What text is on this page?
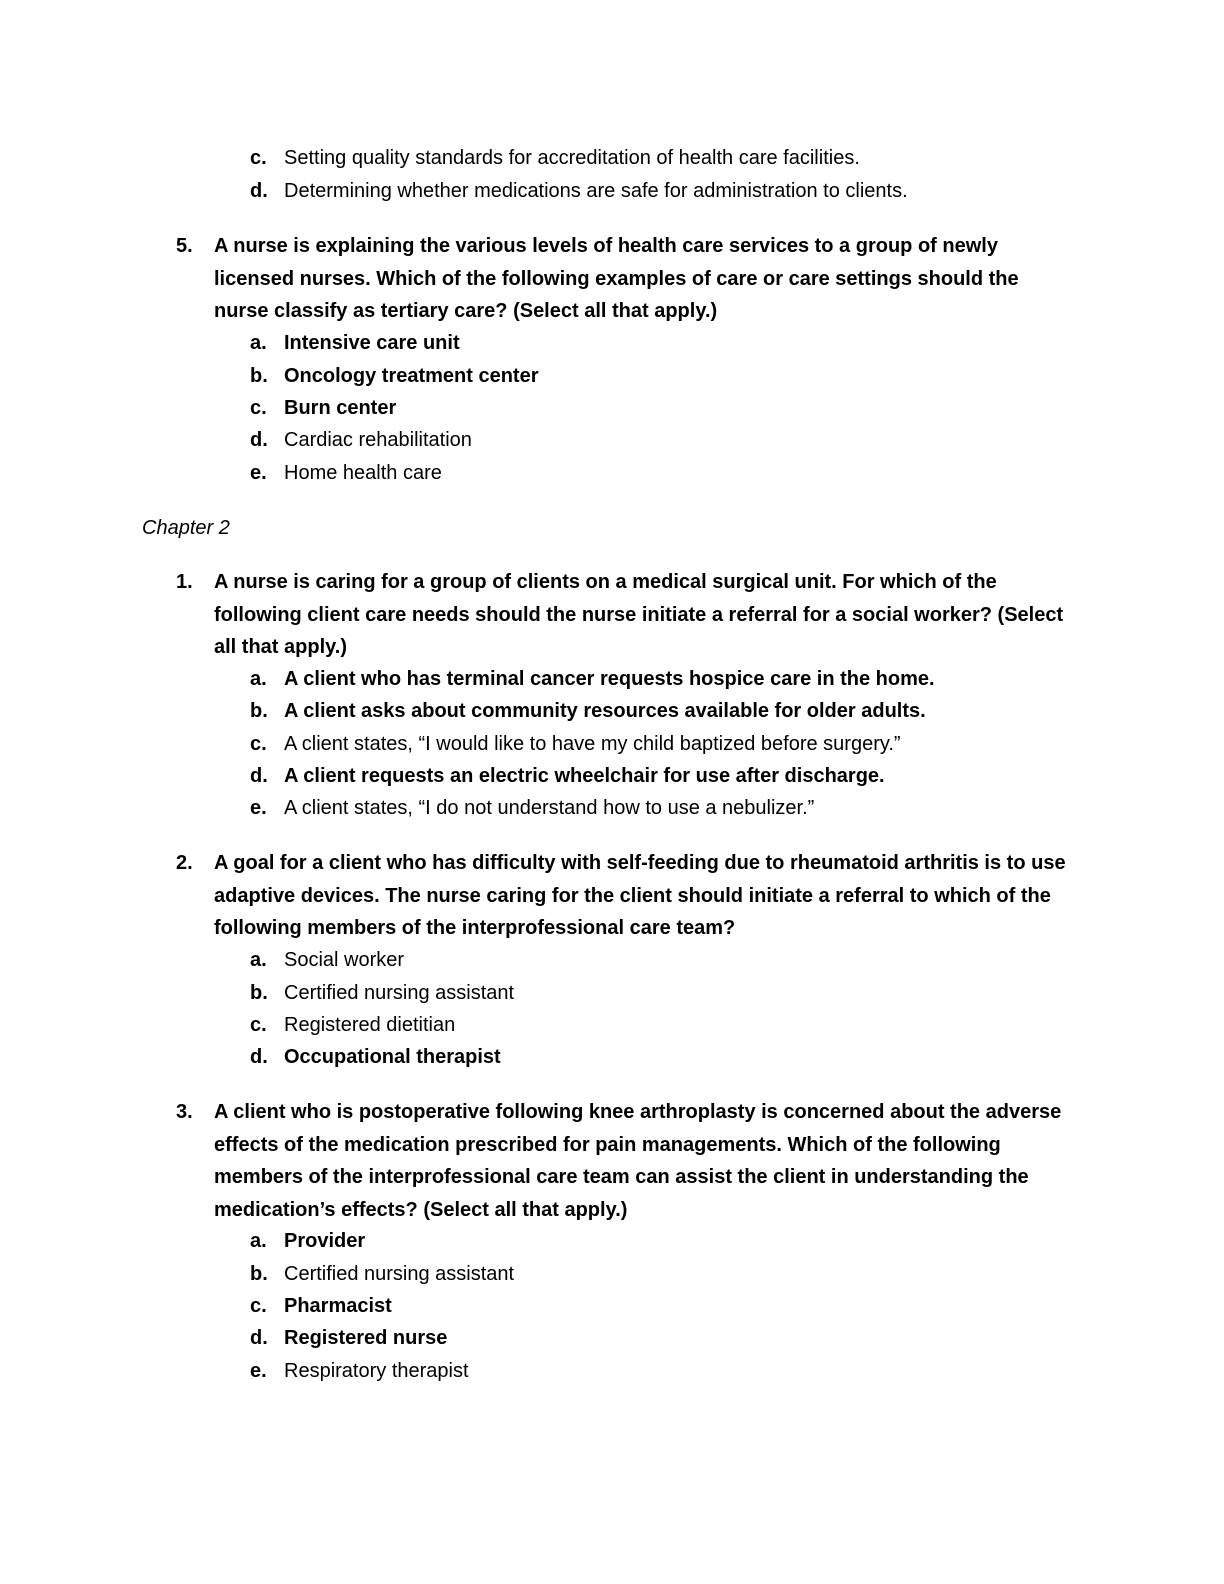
c. Setting quality standards for accreditation of health care facilities.
d. Determining whether medications are safe for administration to clients.
5.	A nurse is explaining the various levels of health care services to a group of newly licensed nurses. Which of the following examples of care or care settings should the nurse classify as tertiary care? (Select all that apply.)
a. Intensive care unit
b. Oncology treatment center
c. Burn center
d. Cardiac rehabilitation
e. Home health care
Chapter 2
1.	A nurse is caring for a group of clients on a medical surgical unit. For which of the following client care needs should the nurse initiate a referral for a social worker? (Select all that apply.)
a. A client who has terminal cancer requests hospice care in the home.
b. A client asks about community resources available for older adults.
c. A client states, “I would like to have my child baptized before surgery.”
d. A client requests an electric wheelchair for use after discharge.
e. A client states, “I do not understand how to use a nebulizer.”
2.	A goal for a client who has difficulty with self-feeding due to rheumatoid arthritis is to use adaptive devices. The nurse caring for the client should initiate a referral to which of the following members of the interprofessional care team?
a. Social worker
b. Certified nursing assistant
c. Registered dietitian
d. Occupational therapist
3.	A client who is postoperative following knee arthroplasty is concerned about the adverse effects of the medication prescribed for pain managements. Which of the following members of the interprofessional care team can assist the client in understanding the medication’s effects? (Select all that apply.)
a. Provider
b. Certified nursing assistant
c. Pharmacist
d. Registered nurse
e. Respiratory therapist
